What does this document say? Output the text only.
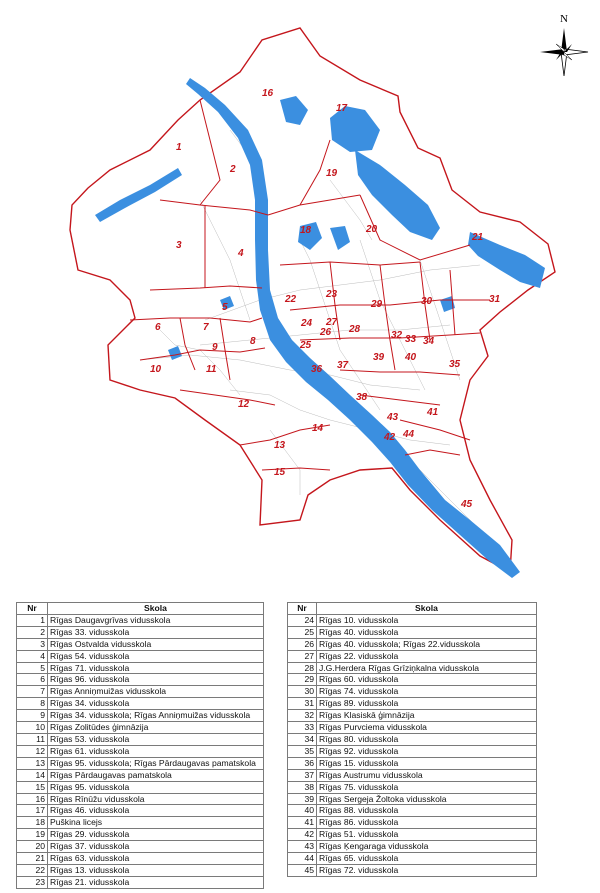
1
2
3
4
5
6	7
8
9
10	11
12
13
14
15
16
17
18
19
20
21
22	23
24
25
26
27
28
29	30	31
32 33 34
35
36 37
38
39 40
41
42
43
44
45
N
Nr	Skola
1	Rīgas Daugavgrīvas vidusskola
2	Rīgas 33. vidusskola
3	Rīgas Ostvalda vidusskola
4	Rīgas 54. vidusskola
5	Rīgas 71. vidusskola
6	Rīgas 96. vidusskola
7	Rīgas Anniņmuižas vidusskola
8	Rīgas 34. vidusskola
9	Rīgas 34. vidusskola; Rīgas Anniņmuižas vidusskola
10	Rīgas Zolitūdes ģimnāzija
11	Rīgas 53. vidusskola
12	Rīgas 61. vidusskola
13	Rīgas 95. vidusskola; Rīgas Pārdaugavas pamatskola
14	Rīgas Pārdaugavas pamatskola
15	Rīgas 95. vidusskola
16	Rīgas Rīnūžu vidusskola
17	Rīgas 46. vidusskola
18	Puškina licejs
19	Rīgas 29. vidusskola
20	Rīgas 37. vidusskola
21	Rīgas 63. vidusskola
22	Rīgas 13. vidusskola
23	Rīgas 21. vidusskola
Nr	Skola
24	Rīgas 10. vidusskola
25	Rīgas 40. vidusskola
26	Rīgas 40. vidusskola; Rīgas 22.vidusskola
27	Rīgas 22. vidusskola
28	J.G.Herdera Rīgas Grīziņkalna vidusskola
29	Rīgas 60. vidusskola
30	Rīgas 74. vidusskola
31	Rīgas 89. vidusskola
32	Rīgas Klasiskā ģimnāzija
33	Rīgas Purvciema vidusskola
34	Rīgas 80. vidusskola
35	Rīgas 92. vidusskola
36	Rīgas 15. vidusskola
37	Rīgas Austrumu vidusskola
38	Rīgas 75. vidusskola
39	Rīgas Sergeja Žoltoka vidusskola
40	Rīgas 88. vidusskola
41	Rīgas 86. vidusskola
42	Rīgas 51. vidusskola
43	Rīgas Ķengaraga vidusskola
44	Rīgas 65. vidusskola
45	Rīgas 72. vidusskola
